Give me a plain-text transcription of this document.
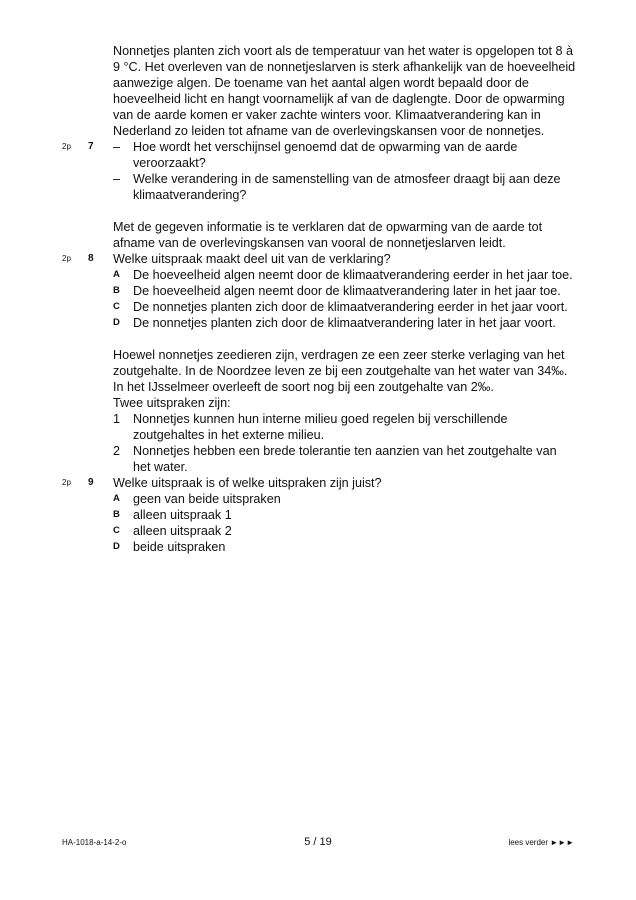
Nonnetjes planten zich voort als de temperatuur van het water is opgelopen tot 8 à 9 °C. Het overleven van de nonnetjeslarven is sterk afhankelijk van de hoeveelheid aanwezige algen. De toename van het aantal algen wordt bepaald door de hoeveelheid licht en hangt voornamelijk af van de daglengte. Door de opwarming van de aarde komen er vaker zachte winters voor. Klimaatverandering kan in Nederland zo leiden tot afname van de overlevingskansen voor de nonnetjes.
2p 7 – Hoe wordt het verschijnsel genoemd dat de opwarming van de aarde veroorzaakt?
– Welke verandering in de samenstelling van de atmosfeer draagt bij aan deze klimaatverandering?
Met de gegeven informatie is te verklaren dat de opwarming van de aarde tot afname van de overlevingskansen van vooral de nonnetjeslarven leidt.
2p 8 Welke uitspraak maakt deel uit van de verklaring?
A De hoeveelheid algen neemt door de klimaatverandering eerder in het jaar toe.
B De hoeveelheid algen neemt door de klimaatverandering later in het jaar toe.
C De nonnetjes planten zich door de klimaatverandering eerder in het jaar voort.
D De nonnetjes planten zich door de klimaatverandering later in het jaar voort.
Hoewel nonnetjes zeedieren zijn, verdragen ze een zeer sterke verlaging van het zoutgehalte. In de Noordzee leven ze bij een zoutgehalte van het water van 34‰. In het IJsselmeer overleeft de soort nog bij een zoutgehalte van 2‰.
Twee uitspraken zijn:
1 Nonnetjes kunnen hun interne milieu goed regelen bij verschillende zoutgehaltes in het externe milieu.
2 Nonnetjes hebben een brede tolerantie ten aanzien van het zoutgehalte van het water.
2p 9 Welke uitspraak is of welke uitspraken zijn juist?
A geen van beide uitspraken
B alleen uitspraak 1
C alleen uitspraak 2
D beide uitspraken
HA-1018-a-14-2-o	5 / 19	lees verder ►►►
